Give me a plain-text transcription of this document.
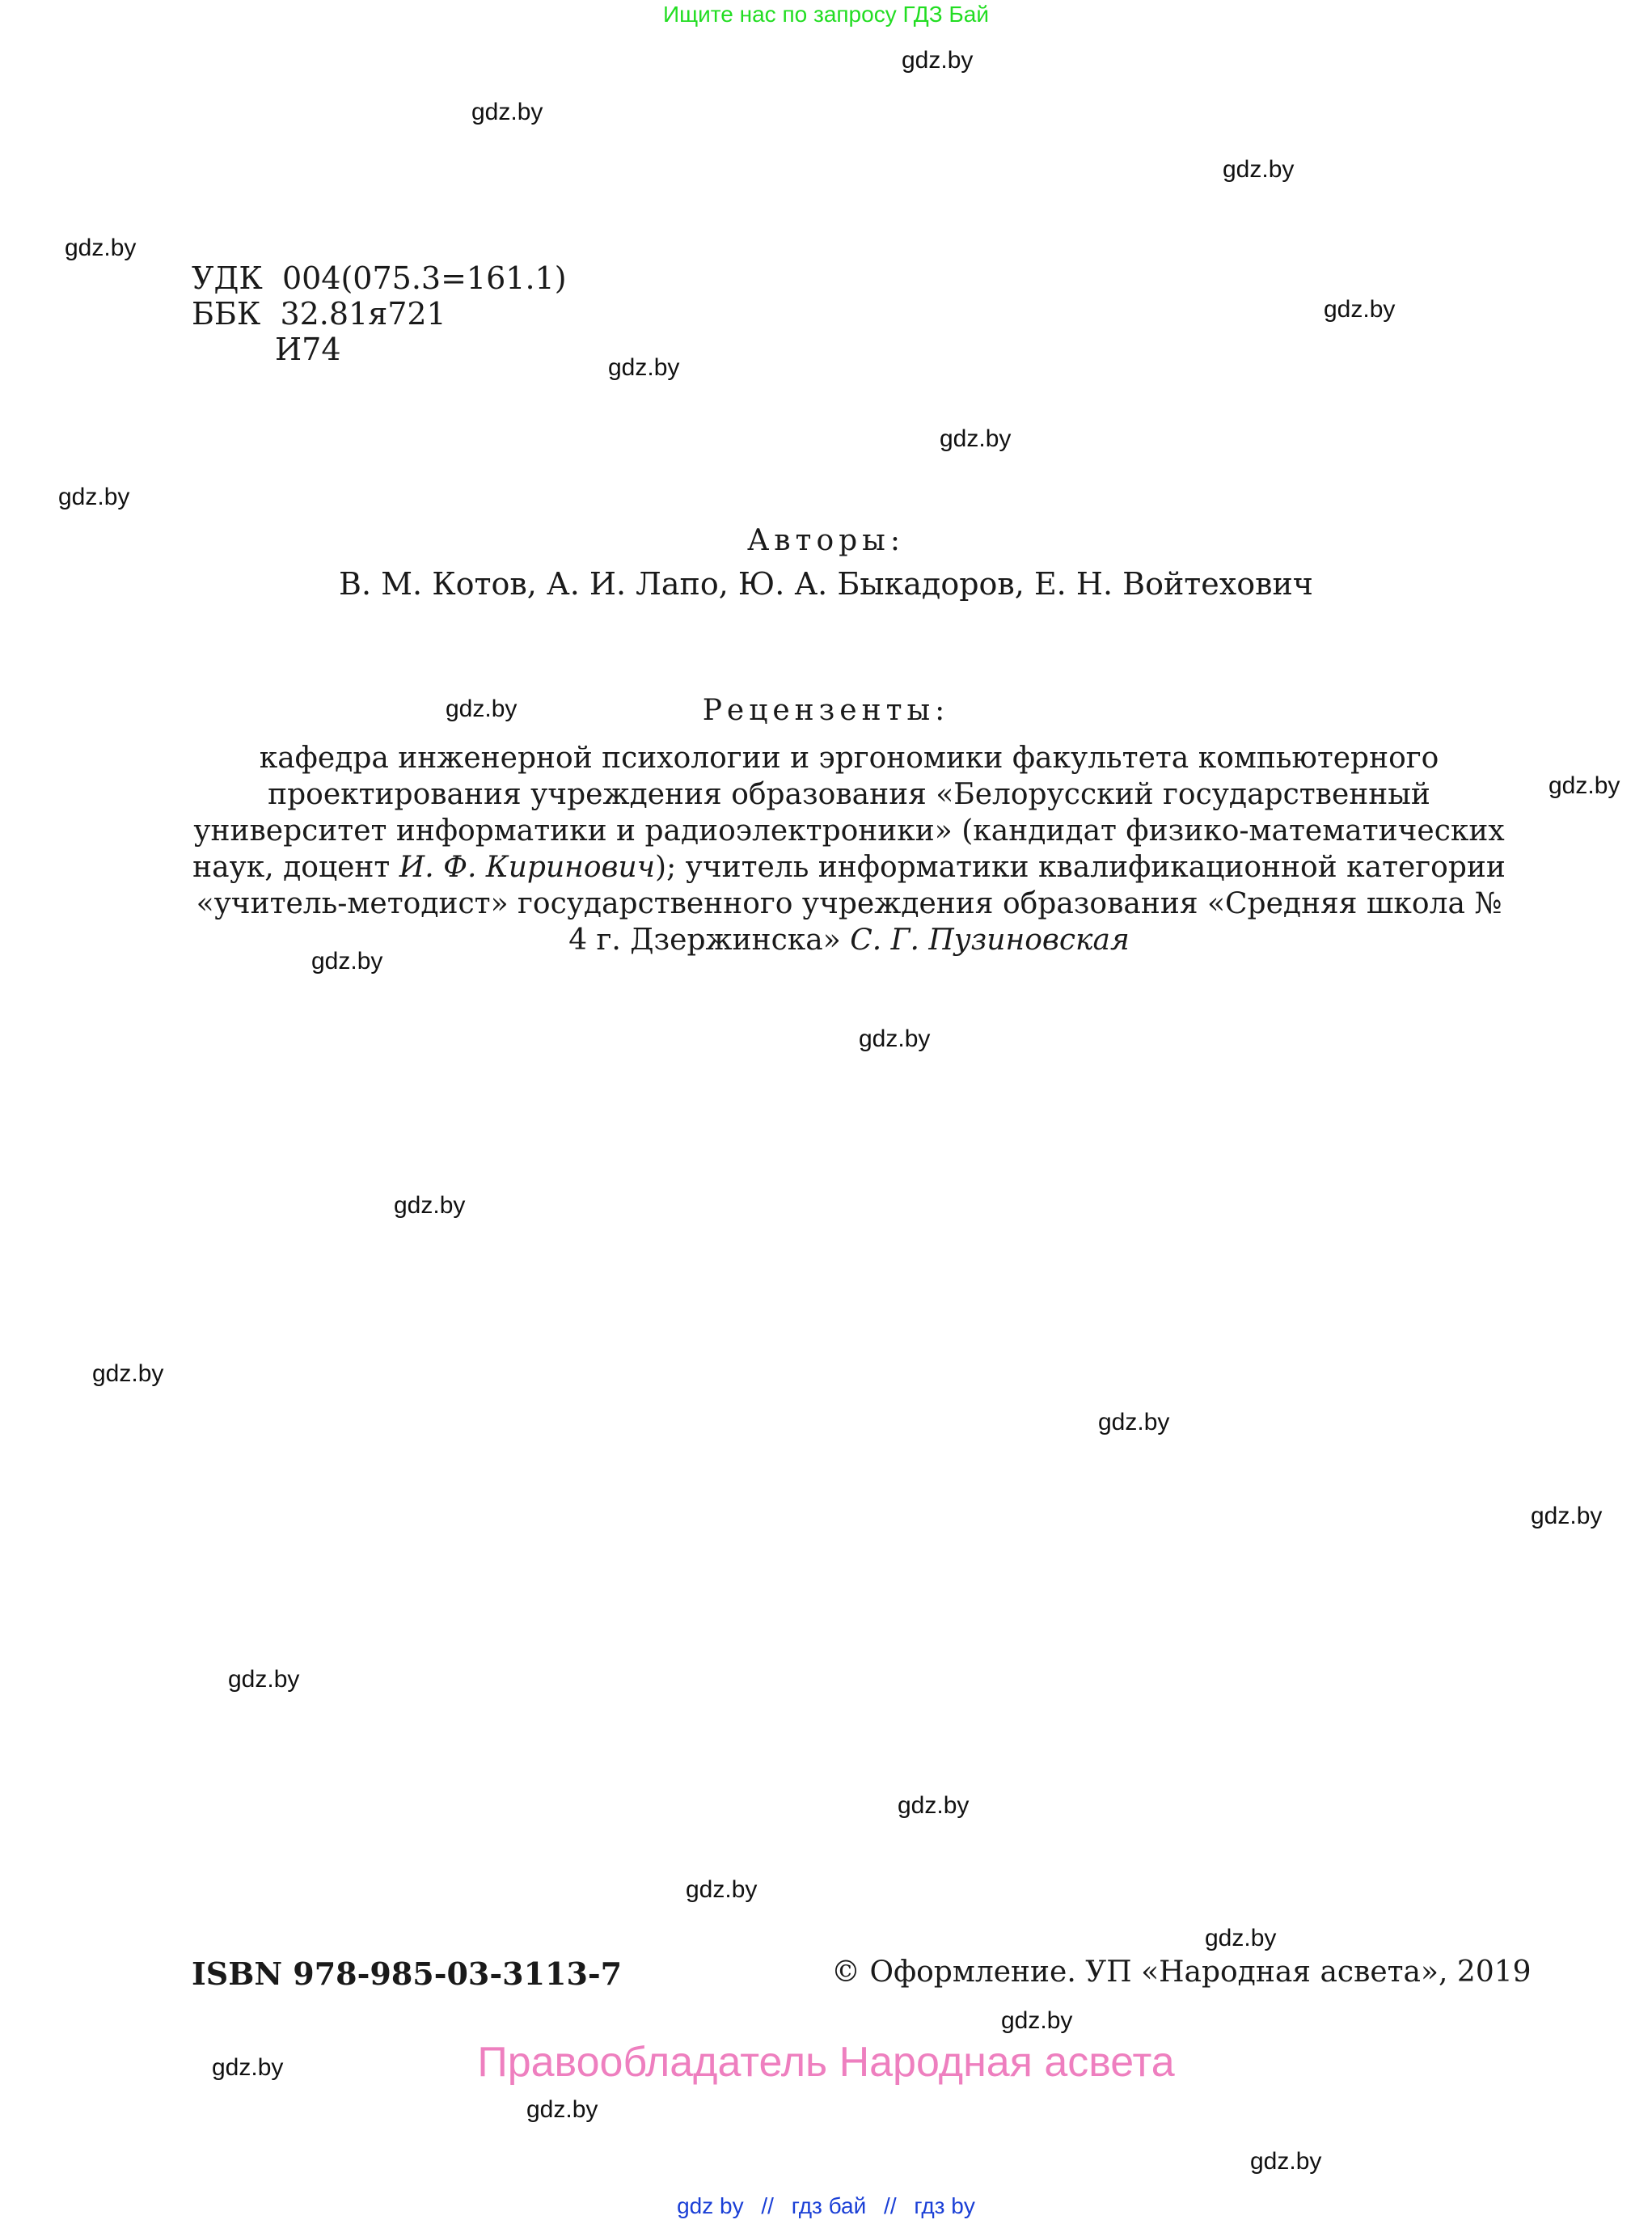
Ищите нас по запросу ГДЗ Бай
gdz.by
gdz.by
gdz.by
gdz.by
gdz.by
gdz.by
gdz.by
gdz.by
gdz.by
gdz.by
gdz.by
gdz.by
gdz.by
gdz.by
gdz.by
gdz.by
gdz.by
gdz.by
gdz.by
gdz.by
gdz.by
gdz.by
gdz.by
gdz.by
УДК 004(075.3=161.1)
ББК 32.81я721
И74
Авторы:
В. М. Котов, А. И. Лапо, Ю. А. Быкадоров, Е. Н. Войтехович
Рецензенты:
кафедра инженерной психологии и эргономики факультета компьютерного проектирования учреждения образования «Белорусский государственный университет информатики и радиоэлектроники» (кандидат физико-математических наук, доцент И. Ф. Киринович); учитель информатики квалификационной категории «учитель-методист» государственного учреждения образования «Средняя школа № 4 г. Дзержинска» С. Г. Пузиновская
ISBN 978-985-03-3113-7	© Оформление. УП «Народная асвета», 2019
Правообладатель Народная асвета
gdz by // гдз бай // гдз by
